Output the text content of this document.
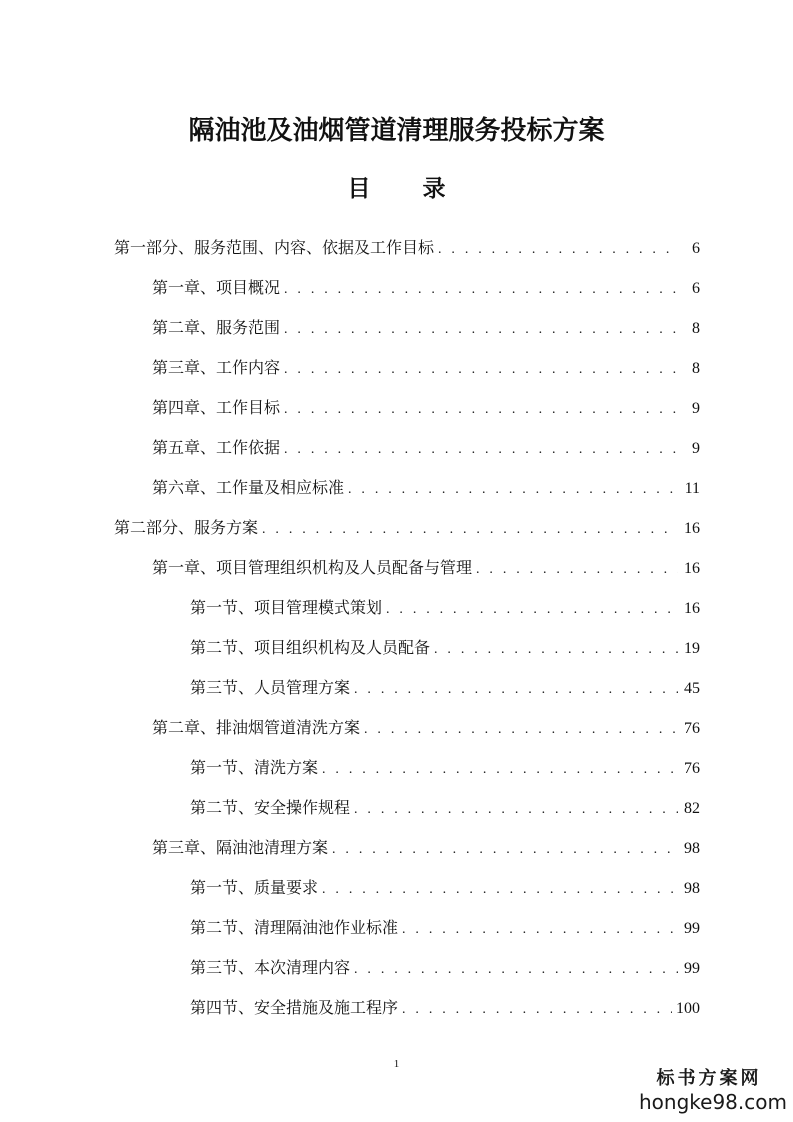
隔油池及油烟管道清理服务投标方案
目 录
第一部分、服务范围、内容、依据及工作目标 . . .	6
第一章、项目概况 . . .	6
第二章、服务范围 . . .	8
第三章、工作内容 . . .	8
第四章、工作目标 . . .	9
第五章、工作依据 . . .	9
第六章、工作量及相应标准 . . .	11
第二部分、服务方案 . . .	16
第一章、项目管理组织机构及人员配备与管理 . . .	16
第一节、项目管理模式策划 . . .	16
第二节、项目组织机构及人员配备 . . .	19
第三节、人员管理方案 . . .	45
第二章、排油烟管道清洗方案 . . .	76
第一节、清洗方案 . . .	76
第二节、安全操作规程 . . .	82
第三章、隔油池清理方案 . . .	98
第一节、质量要求 . . .	98
第二节、清理隔油池作业标准 . . .	99
第三节、本次清理内容 . . .	99
第四节、安全措施及施工程序 . . .	100
1
标书方案网
hongke98.com
